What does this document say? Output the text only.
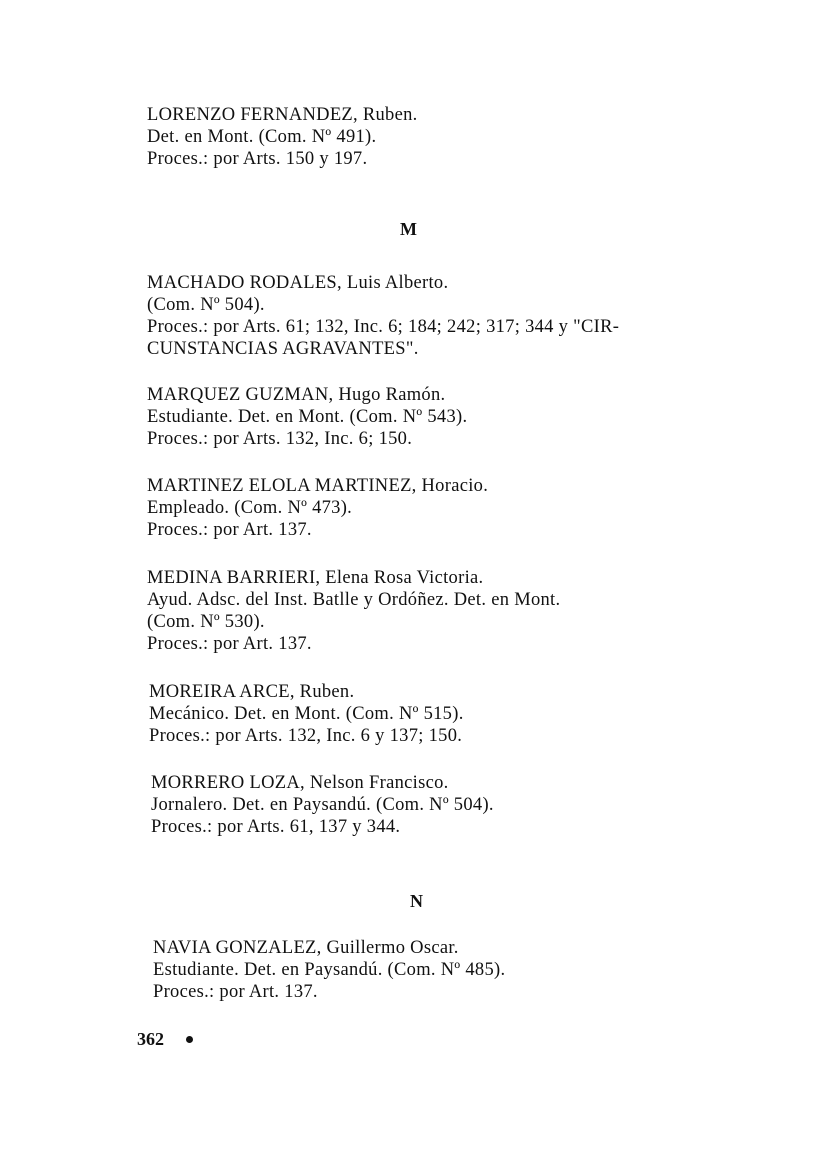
LORENZO FERNANDEZ, Ruben.
Det. en Mont. (Com. Nº 491).
Proces.: por Arts. 150 y 197.
M
MACHADO RODALES, Luis Alberto.
(Com. Nº 504).
Proces.: por Arts. 61; 132, Inc. 6; 184; 242; 317; 344 y "CIR-
CUNSTANCIAS AGRAVANTES".
MARQUEZ GUZMAN, Hugo Ramón.
Estudiante. Det. en Mont. (Com. Nº 543).
Proces.: por Arts. 132, Inc. 6; 150.
MARTINEZ ELOLA MARTINEZ, Horacio.
Empleado. (Com. Nº 473).
Proces.: por Art. 137.
MEDINA BARRIERI, Elena Rosa Victoria.
Ayud. Adsc. del Inst. Batlle y Ordóñez. Det. en Mont.
(Com. Nº 530).
Proces.: por Art. 137.
MOREIRA ARCE, Ruben.
Mecánico. Det. en Mont. (Com. Nº 515).
Proces.: por Arts. 132, Inc. 6 y 137; 150.
MORRERO LOZA, Nelson Francisco.
Jornalero. Det. en Paysandú. (Com. Nº 504).
Proces.: por Arts. 61, 137 y 344.
N
NAVIA GONZALEZ, Guillermo Oscar.
Estudiante. Det. en Paysandú. (Com. Nº 485).
Proces.: por Art. 137.
362
